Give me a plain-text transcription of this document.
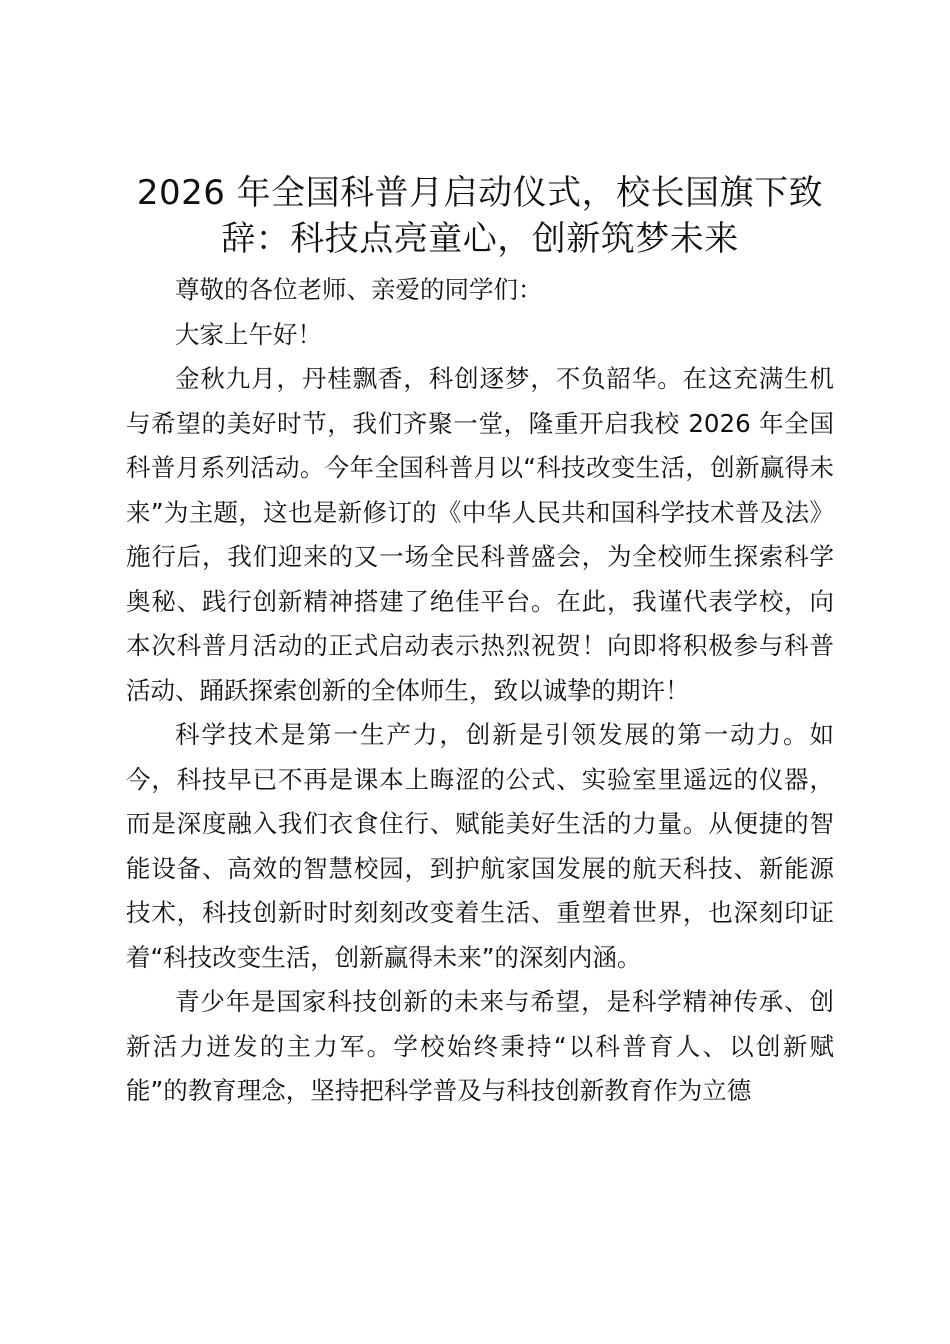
2026 年全国科普月启动仪式，校长国旗下致
辞：科技点亮童心，创新筑梦未来

尊敬的各位老师、亲爱的同学们：

大家上午好！

金秋九月，丹桂飘香，科创逐梦，不负韶华。在这充满生机与希望的美好时节，我们齐聚一堂，隆重开启我校 2026 年全国科普月系列活动。今年全国科普月以“科技改变生活，创新赢得未来”为主题，这也是新修订的《中华人民共和国科学技术普及法》施行后，我们迎来的又一场全民科普盛会，为全校师生探索科学奥秘、践行创新精神搭建了绝佳平台。在此，我谨代表学校，向本次科普月活动的正式启动表示热烈祝贺！向即将积极参与科普活动、踊跃探索创新的全体师生，致以诚挚的期许！

科学技术是第一生产力，创新是引领发展的第一动力。如今，科技早已不再是课本上晦涩的公式、实验室里遥远的仪器，而是深度融入我们衣食住行、赋能美好生活的力量。从便捷的智能设备、高效的智慧校园，到护航家国发展的航天科技、新能源技术，科技创新时时刻刻改变着生活、重塑着世界，也深刻印证着“科技改变生活，创新赢得未来”的深刻内涵。

青少年是国家科技创新的未来与希望，是科学精神传承、创新活力迸发的主力军。学校始终秉持“以科普育人、以创新赋能”的教育理念，坚持把科学普及与科技创新教育作为立德
